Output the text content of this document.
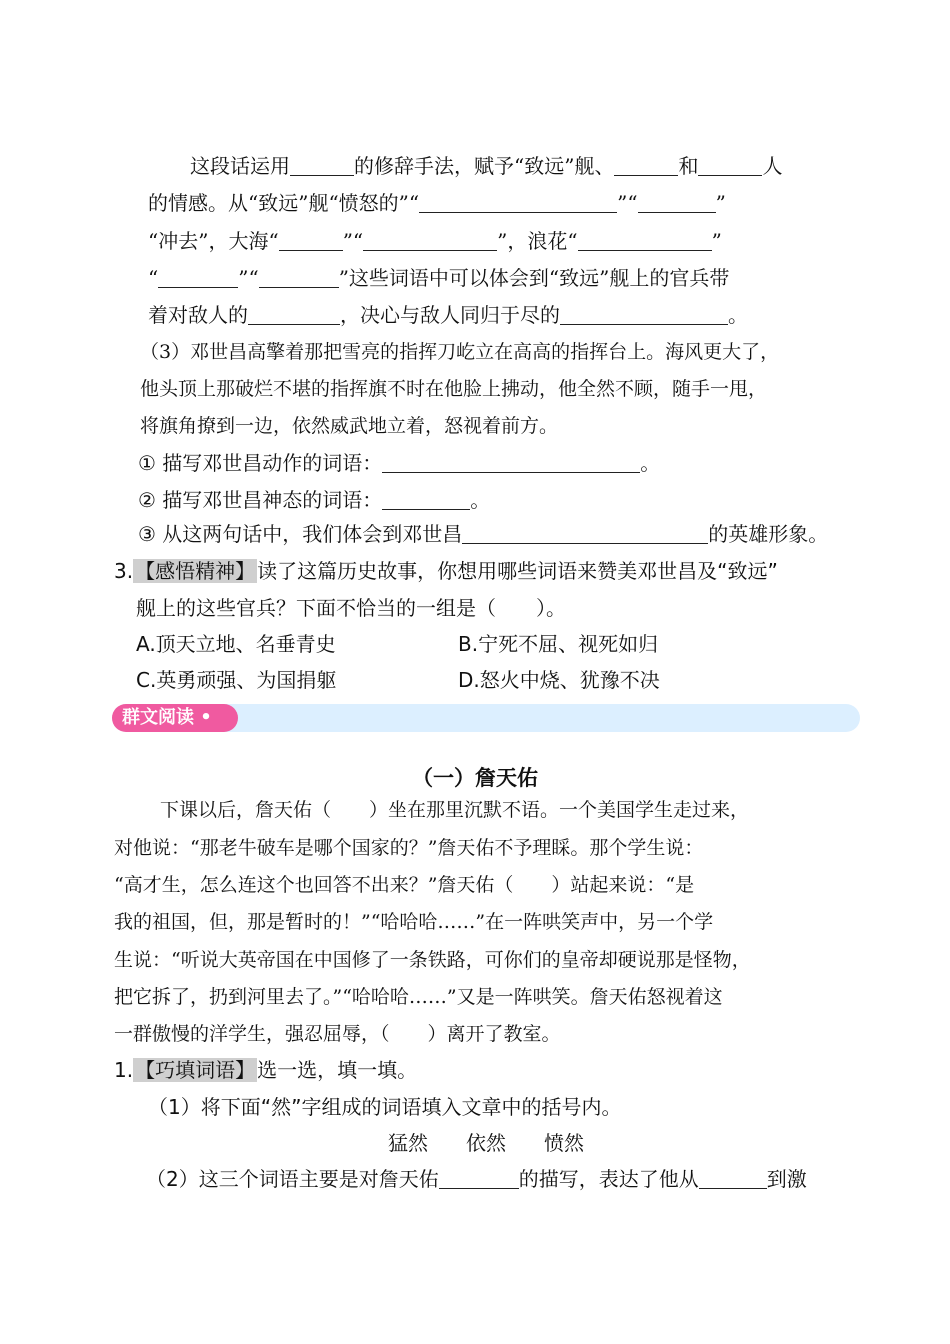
这段话运用	的修辞手法，赋予“致远”舰、	和	人
的情感。从“致远”舰“愤怒的”“	”“	”
“冲去”，大海“	”“	”，浪花“	”
“	”“	”这些词语中可以体会到“致远”舰上的官兵带
着对敌人的	，决心与敌人同归于尽的	。
（3）邓世昌高擎着那把雪亮的指挥刀屹立在高高的指挥台上。海风更大了，
他头顶上那破烂不堪的指挥旗不时在他脸上拂动，他全然不顾，随手一甩，
将旗角撩到一边，依然威武地立着，怒视着前方。
① 描写邓世昌动作的词语：	。
② 描写邓世昌神态的词语：	。
③ 从这两句话中，我们体会到邓世昌	的英雄形象。
3. 【感悟精神】 读了这篇历史故事，你想用哪些词语来赞美邓世昌及“致远”
舰上的这些官兵？下面不恰当的一组是（　　）。
A.顶天立地、名垂青史	B.宁死不屈、视死如归
C.英勇顽强、为国捐躯	D.怒火中烧、犹豫不决
群文阅读 •
（一）詹天佑
下课以后，詹天佑（　　）坐在那里沉默不语。一个美国学生走过来，
对他说：“那老牛破车是哪个国家的？”詹天佑不予理睬。那个学生说：
“高才生，怎么连这个也回答不出来？”詹天佑（　　）站起来说：“是
我的祖国，但，那是暂时的！”“哈哈哈……”在一阵哄笑声中，另一个学
生说：“听说大英帝国在中国修了一条铁路，可你们的皇帝却硬说那是怪物，
把它拆了，扔到河里去了。”“哈哈哈……”又是一阵哄笑。詹天佑怒视着这
一群傲慢的洋学生，强忍屈辱，（　　）离开了教室。
1. 【巧填词语】 选一选，填一填。
（1）将下面“然”字组成的词语填入文章中的括号内。
猛然 依然 愤然
（2）这三个词语主要是对詹天佑	的描写，表达了他从	到激
